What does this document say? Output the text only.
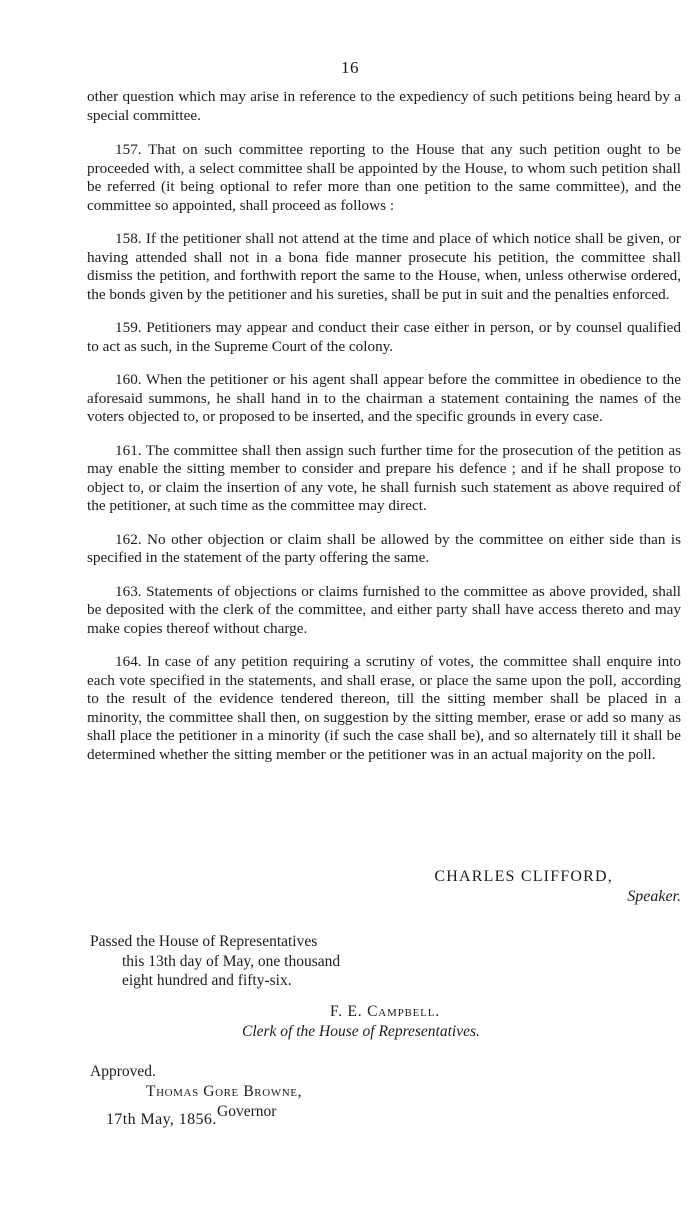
16

other question which may arise in reference to the expediency of such petitions being heard by a special committee.

157. That on such committee reporting to the House that any such petition ought to be proceeded with, a select committee shall be appointed by the House, to whom such petition shall be referred (it being optional to refer more than one petition to the same committee), and the committee so appointed, shall proceed as follows :

158. If the petitioner shall not attend at the time and place of which notice shall be given, or having attended shall not in a bona fide manner prosecute his petition, the committee shall dismiss the petition, and forthwith report the same to the House, when, unless otherwise ordered, the bonds given by the petitioner and his sureties, shall be put in suit and the penalties enforced.

159. Petitioners may appear and conduct their case either in person, or by counsel qualified to act as such, in the Supreme Court of the colony.

160. When the petitioner or his agent shall appear before the committee in obedience to the aforesaid summons, he shall hand in to the chairman a statement containing the names of the voters objected to, or proposed to be inserted, and the specific grounds in every case.

161. The committee shall then assign such further time for the prosecution of the petition as may enable the sitting member to consider and prepare his defence ; and if he shall propose to object to, or claim the insertion of any vote, he shall furnish such statement as above required of the petitioner, at such time as the committee may direct.

162. No other objection or claim shall be allowed by the committee on either side than is specified in the statement of the party offering the same.

163. Statements of objections or claims furnished to the committee as above provided, shall be deposited with the clerk of the committee, and either party shall have access thereto and may make copies thereof without charge.

164. In case of any petition requiring a scrutiny of votes, the committee shall enquire into each vote specified in the statements, and shall erase, or place the same upon the poll, according to the result of the evidence tendered thereon, till the sitting member shall be placed in a minority, the committee shall then, on suggestion by the sitting member, erase or add so many as shall place the petitioner in a minority (if such the case shall be), and so alternately till it shall be determined whether the sitting member or the petitioner was in an actual majority on the poll.

CHARLES CLIFFORD,
Speaker.
Passed the House of Representatives
this 13th day of May, one thousand eight hundred and fifty-six.
F. E. Campbell.
Clerk of the House of Representatives.
Approved.
Thomas Gore Browne,
Governor
17th May, 1856.
